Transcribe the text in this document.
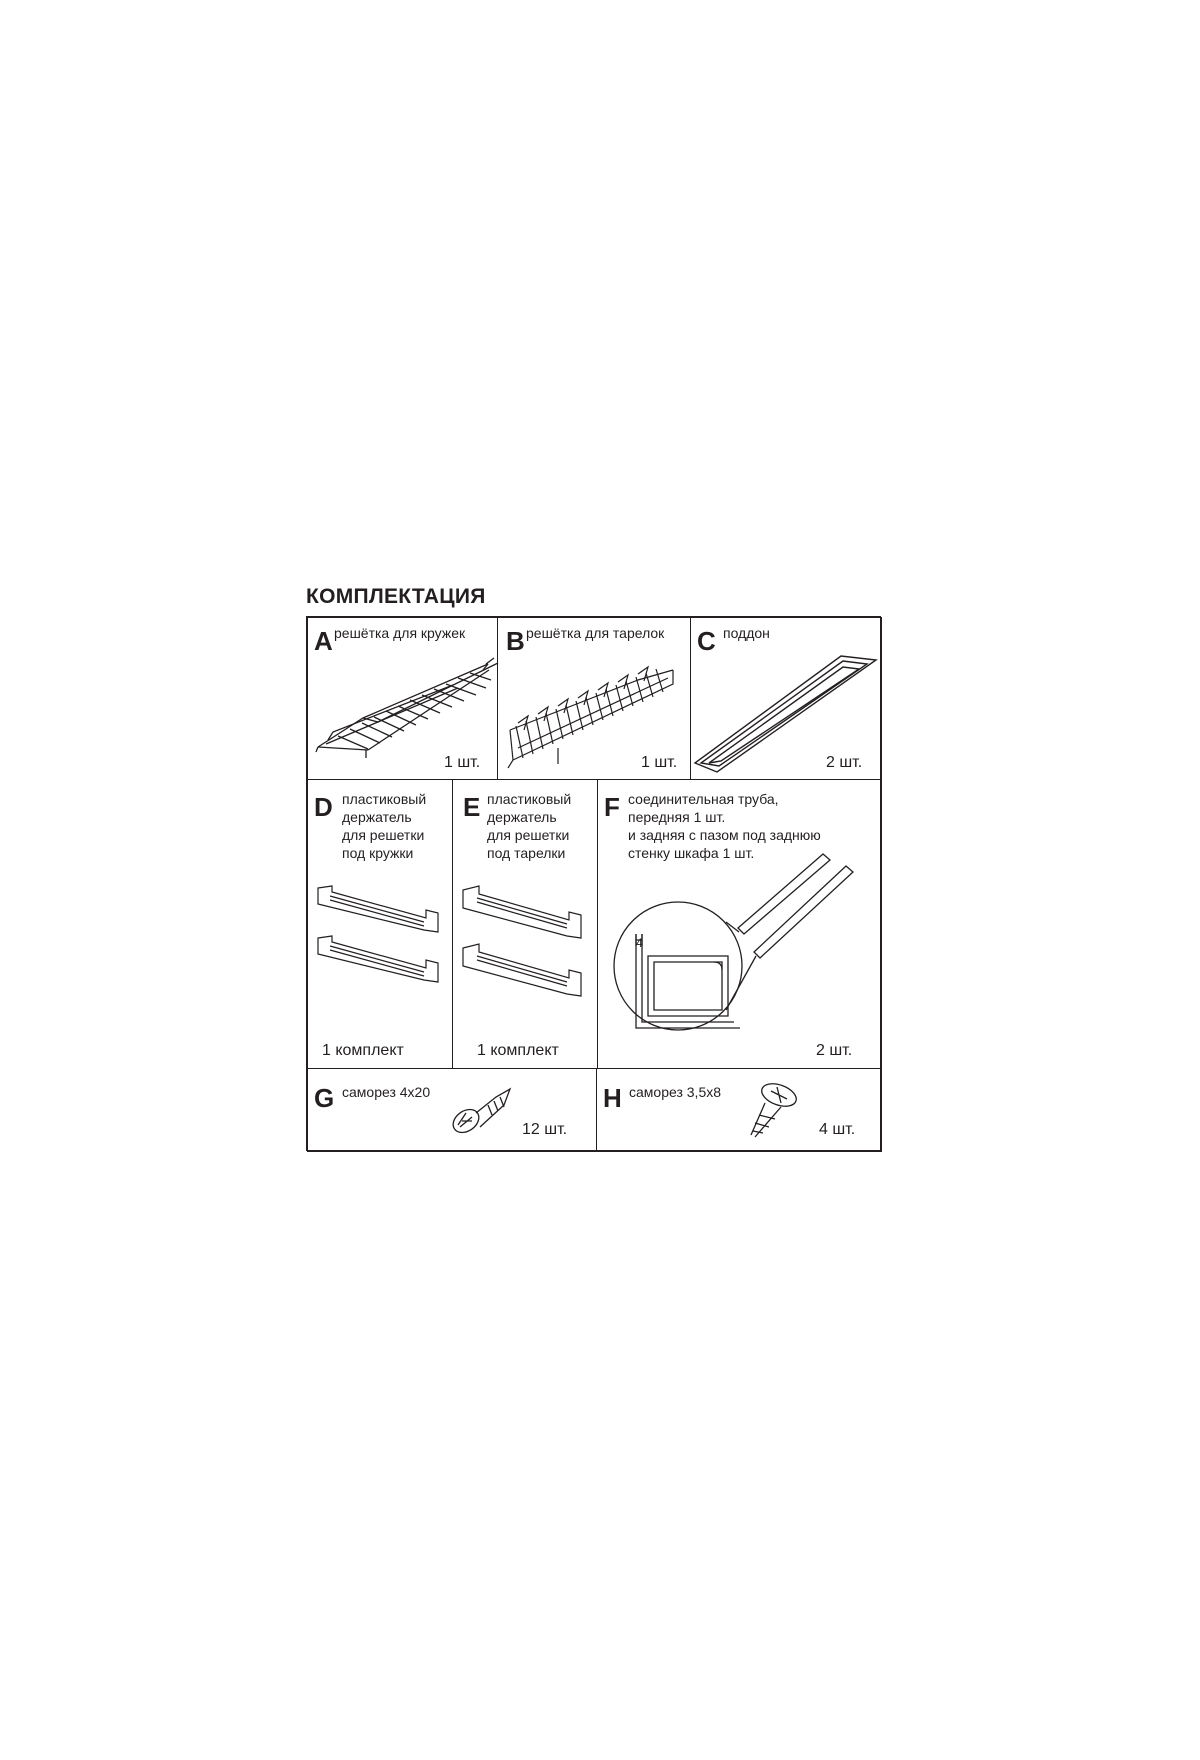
КОМПЛЕКТАЦИЯ
A решётка для кружек
1 шт.
B решётка для тарелок
1 шт.
C поддон
2 шт.
D пластиковый
держатель
для решетки
под кружки
1 комплект
E пластиковый
держатель
для решетки
под тарелки
1 комплект
F соединительная труба,
передняя 1 шт.
и задняя с пазом под заднюю
стенку шкафа 1 шт.
4
2 шт.
G саморез 4x20
12 шт.
H саморез 3,5x8
4 шт.
